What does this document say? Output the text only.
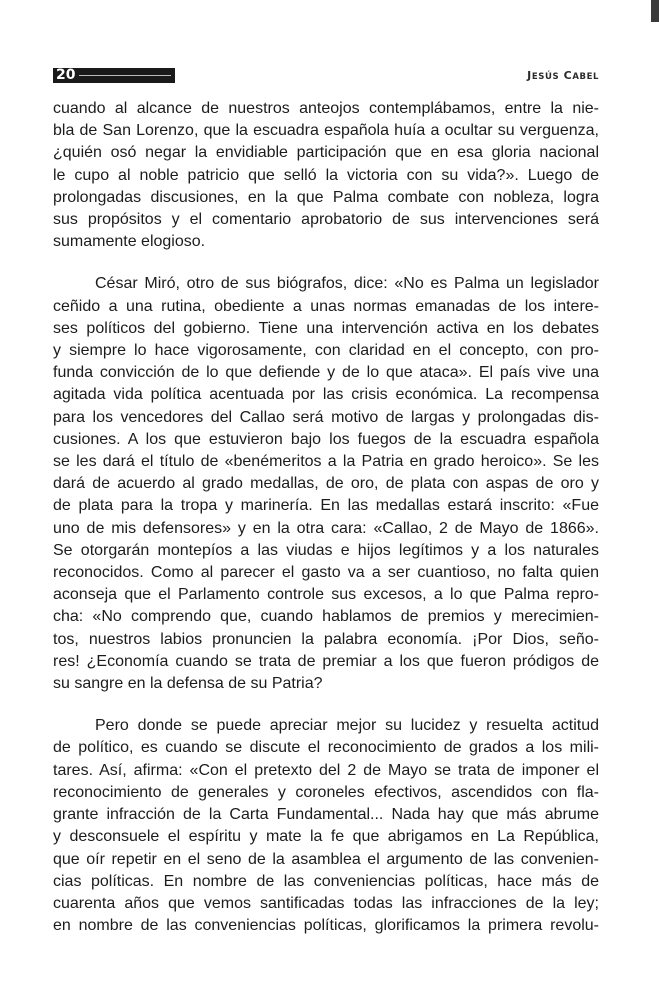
20	JESÚS CABEL

cuando al alcance de nuestros anteojos contemplábamos, entre la nie-
bla de San Lorenzo, que la escuadra española huía a ocultar su verguenza,
¿quién osó negar la envidiable participación que en esa gloria nacional
le cupo al noble patricio que selló la victoria con su vida?». Luego de
prolongadas discusiones, en la que Palma combate con nobleza, logra
sus propósitos y el comentario aprobatorio de sus intervenciones será
sumamente elogioso.

César Miró, otro de sus biógrafos, dice: «No es Palma un legislador
ceñido a una rutina, obediente a unas normas emanadas de los intere-
ses políticos del gobierno. Tiene una intervención activa en los debates
y siempre lo hace vigorosamente, con claridad en el concepto, con pro-
funda convicción de lo que defiende y de lo que ataca». El país vive una
agitada vida política acentuada por las crisis económica. La recompensa
para los vencedores del Callao será motivo de largas y prolongadas dis-
cusiones. A los que estuvieron bajo los fuegos de la escuadra española
se les dará el título de «benémeritos a la Patria en grado heroico». Se les
dará de acuerdo al grado medallas, de oro, de plata con aspas de oro y
de plata para la tropa y marinería. En las medallas estará inscrito: «Fue
uno de mis defensores» y en la otra cara: «Callao, 2 de Mayo de 1866».
Se otorgarán montepíos a las viudas e hijos legítimos y a los naturales
reconocidos. Como al parecer el gasto va a ser cuantioso, no falta quien
aconseja que el Parlamento controle sus excesos, a lo que Palma repro-
cha: «No comprendo que, cuando hablamos de premios y merecimien-
tos, nuestros labios pronuncien la palabra economía. ¡Por Dios, seño-
res! ¿Economía cuando se trata de premiar a los que fueron pródigos de
su sangre en la defensa de su Patria?

Pero donde se puede apreciar mejor su lucidez y resuelta actitud
de político, es cuando se discute el reconocimiento de grados a los mili-
tares. Así, afirma: «Con el pretexto del 2 de Mayo se trata de imponer el
reconocimiento de generales y coroneles efectivos, ascendidos con fla-
grante infracción de la Carta Fundamental... Nada hay que más abrume
y desconsuele el espíritu y mate la fe que abrigamos en La República,
que oír repetir en el seno de la asamblea el argumento de las convenien-
cias políticas. En nombre de las conveniencias políticas, hace más de
cuarenta años que vemos santificadas todas las infracciones de la ley;
en nombre de las conveniencias políticas, glorificamos la primera revolu-
